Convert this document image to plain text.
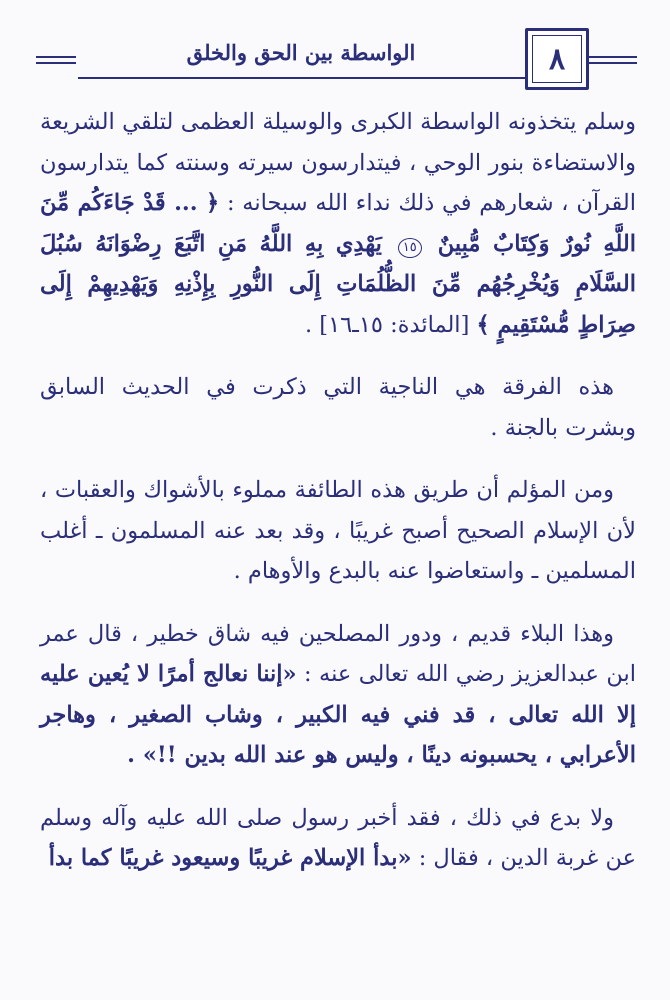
الواسطة بين الحق والخلق	٨

وسلم يتخذونه الواسطة الكبرى والوسيلة العظمى لتلقي الشريعة والاستضاءة بنور الوحي ، فيتدارسون سيرته وسنته كما يتدارسون القرآن ، شعارهم في ذلك نداء الله سبحانه : ﴿ ... قَدْ جَاءَكُم مِّنَ اللَّهِ نُورٌ وَكِتَابٌ مُّبِينٌ ١٥ يَهْدِي بِهِ اللَّهُ مَنِ اتَّبَعَ رِضْوَانَهُ سُبُلَ السَّلَامِ وَيُخْرِجُهُم مِّنَ الظُّلُمَاتِ إِلَى النُّورِ بِإِذْنِهِ وَيَهْدِيهِمْ إِلَى صِرَاطٍ مُّسْتَقِيمٍ ﴾ [المائدة: ١٥ـ١٦] .

هذه الفرقة هي الناجية التي ذكرت في الحديث السابق وبشرت بالجنة .

ومن المؤلم أن طريق هذه الطائفة مملوء بالأشواك والعقبات ، لأن الإسلام الصحيح أصبح غريبًا ، وقد بعد عنه المسلمون ـ أغلب المسلمين ـ واستعاضوا عنه بالبدع والأوهام .

وهذا البلاء قديم ، ودور المصلحين فيه شاق خطير ، قال عمر ابن عبدالعزيز رضي الله تعالى عنه : «إننا نعالج أمرًا لا يُعين عليه إلا الله تعالى ، قد فني فيه الكبير ، وشاب الصغير ، وهاجر الأعرابي ، يحسبونه دينًا ، وليس هو عند الله بدين !!» .

ولا بدع في ذلك ، فقد أخبر رسول صلى الله عليه وآله وسلم عن غربة الدين ، فقال : «بدأ الإسلام غريبًا وسيعود غريبًا كما بدأ
